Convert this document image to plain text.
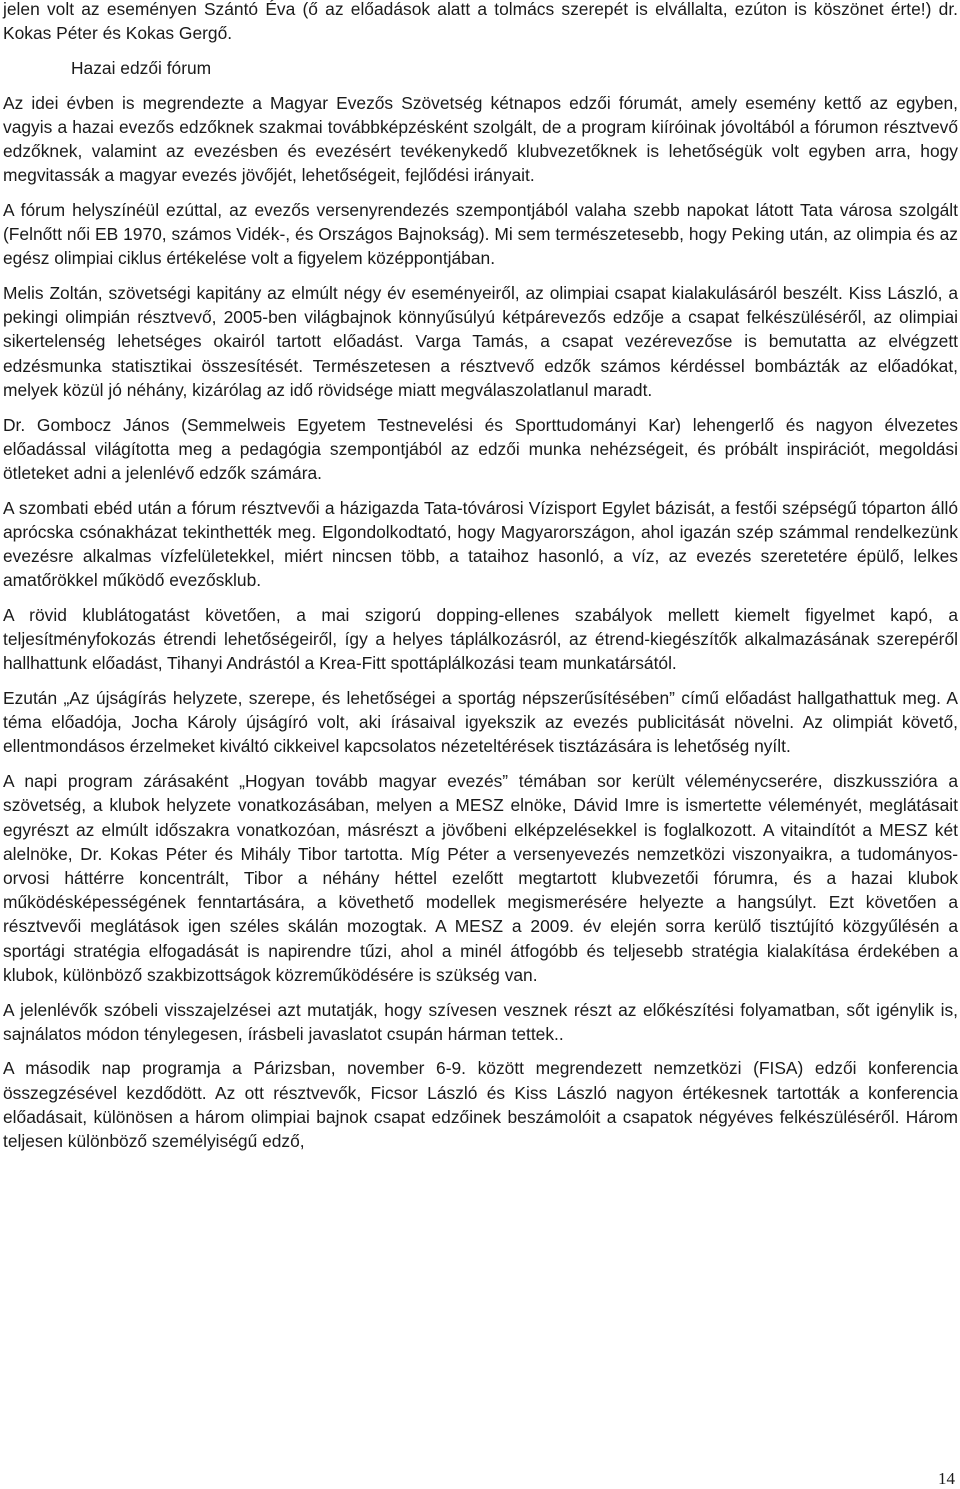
jelen volt az eseményen Szántó Éva (ő az előadások alatt a tolmács szerepét is elvállalta, ezúton is köszönet érte!) dr. Kokas Péter és Kokas Gergő.

Hazai edzői fórum

Az idei évben is megrendezte a Magyar Evezős Szövetség kétnapos edzői fórumát, amely esemény kettő az egyben, vagyis a hazai evezős edzőknek szakmai továbbképzésként szolgált, de a program kiíróinak jóvoltából a fórumon résztvevő edzőknek, valamint az evezésben és evezésért tevékenykedő klubvezetőknek is lehetőségük volt egyben arra, hogy megvitassák a magyar evezés jövőjét, lehetőségeit, fejlődési irányait.

A fórum helyszínéül ezúttal, az evezős versenyrendezés szempontjából valaha szebb napokat látott Tata városa szolgált (Felnőtt női EB 1970, számos Vidék-, és Országos Bajnokság). Mi sem természetesebb, hogy Peking után, az olimpia és az egész olimpiai ciklus értékelése volt a figyelem középpontjában.

Melis Zoltán, szövetségi kapitány az elmúlt négy év eseményeiről, az olimpiai csapat kialakulásáról beszélt. Kiss László, a pekingi olimpián résztvevő, 2005-ben világbajnok könnyűsúlyú kétpárevezős edzője a csapat felkészüléséről, az olimpiai sikertelenség lehetséges okairól tartott előadást. Varga Tamás, a csapat vezérevezőse is bemutatta az elvégzett edzésmunka statisztikai összesítését. Természetesen a résztvevő edzők számos kérdéssel bombázták az előadókat, melyek közül jó néhány, kizárólag az idő rövidsége miatt megválaszolatlanul maradt.

Dr. Gombocz János (Semmelweis Egyetem Testnevelési és Sporttudományi Kar) lehengerlő és nagyon élvezetes előadással világította meg a pedagógia szempontjából az edzői munka nehézségeit, és próbált inspirációt, megoldási ötleteket adni a jelenlévő edzők számára.

A szombati ebéd után a fórum résztvevői a házigazda Tata-tóvárosi Vízisport Egylet bázisát, a festői szépségű tóparton álló aprócska csónakházat tekinthették meg. Elgondolkodtató, hogy Magyarországon, ahol igazán szép számmal rendelkezünk evezésre alkalmas vízfelületekkel, miért nincsen több, a tataihoz hasonló, a víz, az evezés szeretetére épülő, lelkes amatőrökkel működő evezősklub.

A rövid klublátogatást követően, a mai szigorú dopping-ellenes szabályok mellett kiemelt figyelmet kapó, a teljesítményfokozás étrendi lehetőségeiről, így a helyes táplálkozásról, az étrend-kiegészítők alkalmazásának szerepéről hallhattunk előadást, Tihanyi Andrástól a Krea-Fitt spottáplálkozási team munkatársától.

Ezután „Az újságírás helyzete, szerepe, és lehetőségei a sportág népszerűsítésében” című előadást hallgathattuk meg. A téma előadója, Jocha Károly újságíró volt, aki írásaival igyekszik az evezés publicitását növelni. Az olimpiát követő, ellentmondásos érzelmeket kiváltó cikkeivel kapcsolatos nézeteltérések tisztázására is lehetőség nyílt.

A napi program zárásaként „Hogyan tovább magyar evezés” témában sor került véleménycserére, diszkusszióra a szövetség, a klubok helyzete vonatkozásában, melyen a MESZ elnöke, Dávid Imre is ismertette véleményét, meglátásait egyrészt az elmúlt időszakra vonatkozóan, másrészt a jövőbeni elképzelésekkel is foglalkozott. A vitaindítót a MESZ két alelnöke, Dr. Kokas Péter és Mihály Tibor tartotta. Míg Péter a versenyevezés nemzetközi viszonyaikra, a tudományos-orvosi háttérre koncentrált, Tibor a néhány héttel ezelőtt megtartott klubvezetői fórumra, és a hazai klubok működésképességének fenntartására, a követhető modellek megismerésére helyezte a hangsúlyt. Ezt követően a résztvevői meglátások igen széles skálán mozogtak. A MESZ a 2009. év elején sorra kerülő tisztújító közgyűlésén a sportági stratégia elfogadását is napirendre tűzi, ahol a minél átfogóbb és teljesebb stratégia kialakítása érdekében a klubok, különböző szakbizottságok közreműködésére is szükség van.

A jelenlévők szóbeli visszajelzései azt mutatják, hogy szívesen vesznek részt az előkészítési folyamatban, sőt igénylik is, sajnálatos módon ténylegesen, írásbeli javaslatot csupán hárman tettek..

A második nap programja a Párizsban, november 6-9. között megrendezett nemzetközi (FISA) edzői konferencia összegzésével kezdődött. Az ott résztvevők, Ficsor László és Kiss László nagyon értékesnek tartották a konferencia előadásait, különösen a három olimpiai bajnok csapat edzőinek beszámolóit a csapatok négyéves felkészüléséről. Három teljesen különböző személyiségű edző,

14
